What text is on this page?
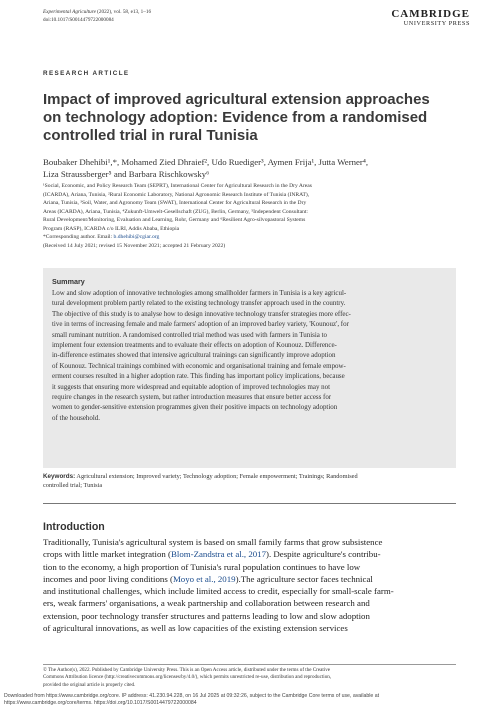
Experimental Agriculture (2022), vol. 58, e13, 1–16
doi:10.1017/S0014479722000084	CAMBRIDGE
UNIVERSITY PRESS
RESEARCH ARTICLE
Impact of improved agricultural extension approaches
on technology adoption: Evidence from a randomised
controlled trial in rural Tunisia
Boubaker Dhehibi¹,*, Mohamed Zied Dhraief², Udo Ruediger³, Aymen Frija¹, Jutta Werner⁴,
Liza Straussberger⁵ and Barbara Rischkowsky⁶
¹Social, Economic, and Policy Research Team (SEPRT), International Center for Agricultural Research in the Dry Areas
(ICARDA), Ariana, Tunisia, ²Rural Economic Laboratory, National Agronomic Research Institute of Tunisia (INRAT),
Ariana, Tunisia, ³Soil, Water, and Agronomy Team (SWAT), International Center for Agricultural Research in the Dry
Areas (ICARDA), Ariana, Tunisia, ⁴Zukunft-Umwelt-Gesellschaft (ZUG), Berlin, Germany, ⁵Independent Consultant:
Rural Development/Monitoring, Evaluation and Learning, Rohr, Germany and ⁶Resilient Agro-silvopastoral Systems
Program (RASP), ICARDA c/o ILRI, Addis Ababa, Ethiopia
*Corresponding author. Email: b.dhehibi@cgiar.org
(Received 14 July 2021; revised 15 November 2021; accepted 21 February 2022)
Summary
Low and slow adoption of innovative technologies among smallholder farmers in Tunisia is a key agricul-
tural development problem partly related to the existing technology transfer approach used in the country.
The objective of this study is to analyse how to design innovative technology transfer strategies more effec-
tive in terms of increasing female and male farmers' adoption of an improved barley variety, 'Kounouz', for
small ruminant nutrition. A randomised controlled trial method was used with farmers in Tunisia to
implement four extension treatments and to evaluate their effects on adoption of Kounouz. Difference-
in-difference estimates showed that intensive agricultural trainings can significantly improve adoption
of Kounouz. Technical trainings combined with economic and organisational training and female empow-
erment courses resulted in a higher adoption rate. This finding has important policy implications, because
it suggests that ensuring more widespread and equitable adoption of improved technologies may not
require changes in the research system, but rather introduction measures that ensure better access for
women to gender-sensitive extension programmes given their positive impacts on technology adoption
of the household.
Keywords: Agricultural extension; Improved variety; Technology adoption; Female empowerment; Trainings; Randomised
controlled trial; Tunisia
Introduction
Traditionally, Tunisia's agricultural system is based on small family farms that grow subsistence
crops with little market integration (Blom-Zandstra et al., 2017). Despite agriculture's contribu-
tion to the economy, a high proportion of Tunisia's rural population continues to have low
incomes and poor living conditions (Moyo et al., 2019).The agriculture sector faces technical
and institutional challenges, which include limited access to credit, especially for small-scale farm-
ers, weak farmers' organisations, a weak partnership and collaboration between research and
extension, poor technology transfer structures and patterns leading to low and slow adoption
of agricultural innovations, as well as low capacities of the existing extension services
© The Author(s), 2022. Published by Cambridge University Press. This is an Open Access article, distributed under the terms of the Creative
Commons Attribution licence (http://creativecommons.org/licenses/by/4.0/), which permits unrestricted re-use, distribution and reproduction,
provided the original article is properly cited.
Downloaded from https://www.cambridge.org/core. IP address: 41.230.94.228, on 16 Jul 2025 at 09:32:26, subject to the Cambridge Core terms of use, available at
https://www.cambridge.org/core/terms. https://doi.org/10.1017/S0014479722000084
